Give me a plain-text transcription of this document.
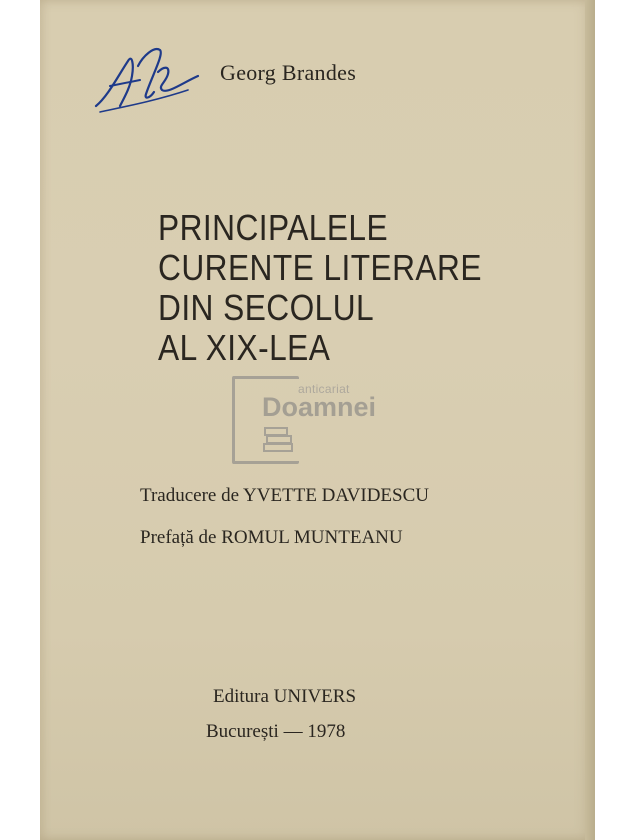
Georg Brandes
PRINCIPALELE
CURENTE LITERARE
DIN SECOLUL
AL XIX-LEA
anticariat
Doamnei
Traducere de YVETTE DAVIDESCU
Prefață de ROMUL MUNTEANU
Editura UNIVERS
București — 1978
